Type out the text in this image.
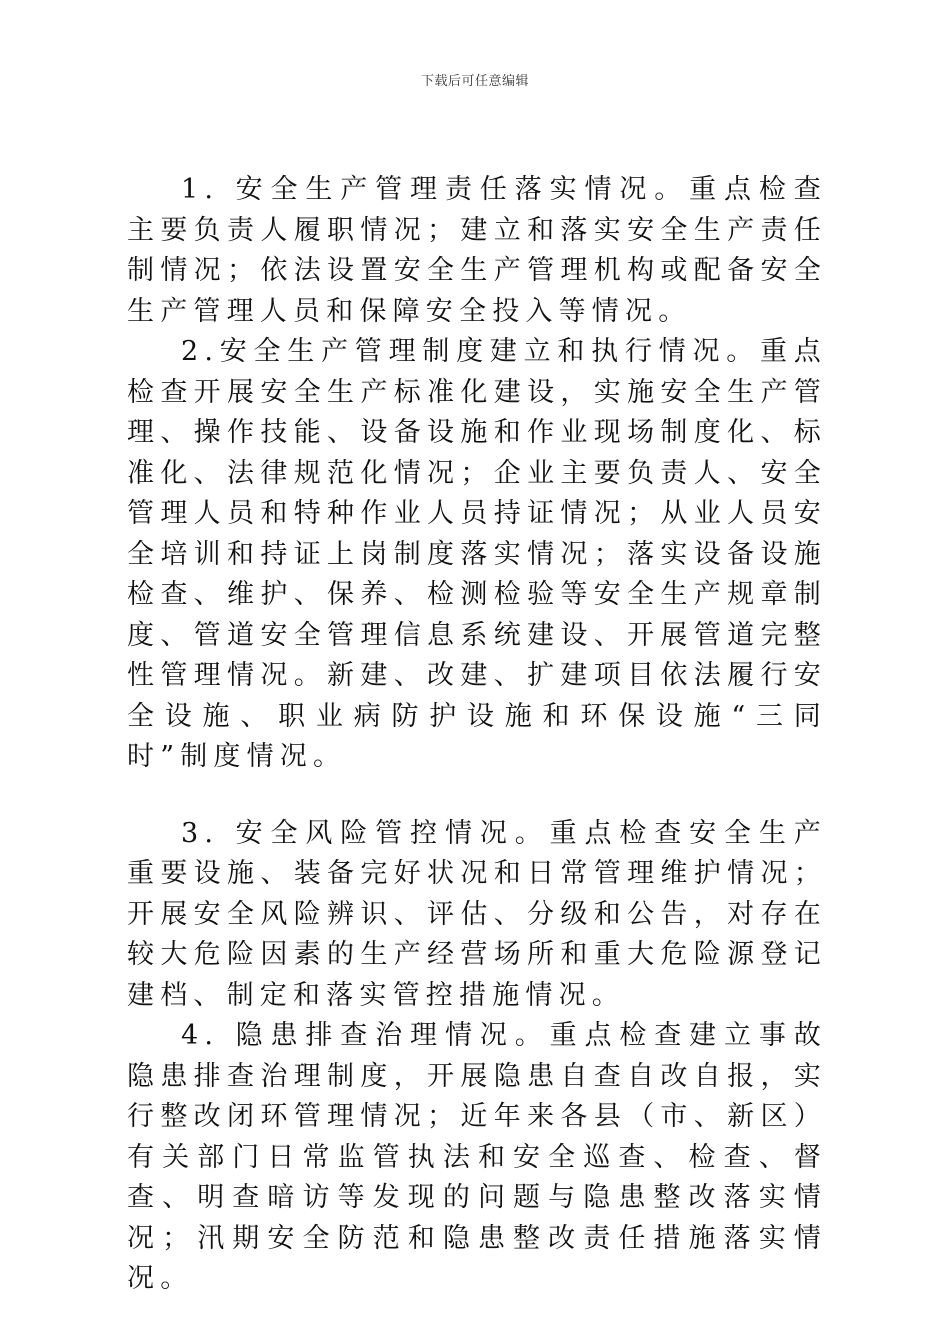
下载后可任意编辑

1. 安全生产管理责任落实情况。重点检查主要负责人履职情况；建立和落实安全生产责任制情况；依法设置安全生产管理机构或配备安全生产管理人员和保障安全投入等情况。

2.安全生产管理制度建立和执行情况。重点检查开展安全生产标准化建设，实施安全生产管理、操作技能、设备设施和作业现场制度化、标准化、法律规范化情况；企业主要负责人、安全管理人员和特种作业人员持证情况；从业人员安全培训和持证上岗制度落实情况；落实设备设施检查、维护、保养、检测检验等安全生产规章制度、管道安全管理信息系统建设、开展管道完整性管理情况。新建、改建、扩建项目依法履行安全设施、职业病防护设施和环保设施“三同时”制度情况。

3. 安全风险管控情况。重点检查安全生产重要设施、装备完好状况和日常管理维护情况；开展安全风险辨识、评估、分级和公告，对存在较大危险因素的生产经营场所和重大危险源登记建档、制定和落实管控措施情况。

4. 隐患排查治理情况。重点检查建立事故隐患排查治理制度，开展隐患自查自改自报，实行整改闭环管理情况；近年来各县（市、新区）有关部门日常监管执法和安全巡查、检查、督查、明查暗访等发现的问题与隐患整改落实情况；汛期安全防范和隐患整改责任措施落实情况。
